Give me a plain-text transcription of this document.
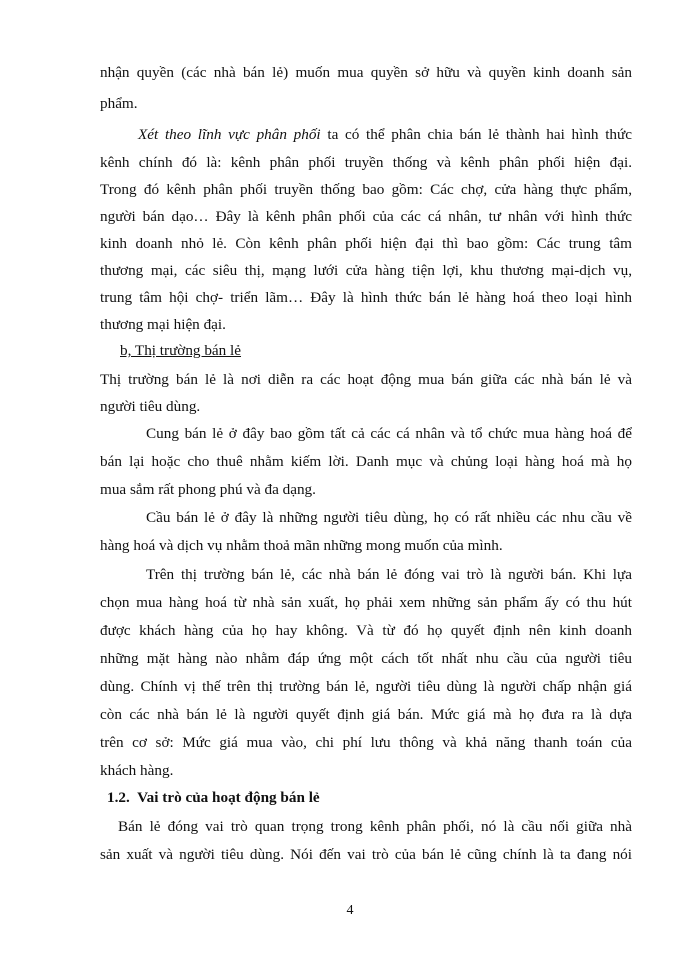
nhận quyền (các nhà bán lẻ) muốn mua quyền sở hữu và quyền kinh doanh sản
phẩm.
Xét theo lĩnh vực phân phối ta có thể phân chia bán lẻ thành hai hình thức
kênh chính đó là: kênh phân phối truyền thống và kênh phân phối hiện đại.
Trong đó kênh phân phối truyền thống bao gồm: Các chợ, cửa hàng thực phẩm,
người bán dạo… Đây là kênh phân phối của các cá nhân, tư nhân với hình thức
kinh doanh nhỏ lẻ. Còn kênh phân phối hiện đại thì bao gồm: Các trung tâm
thương mại, các siêu thị, mạng lưới cửa hàng tiện lợi, khu thương mại-dịch vụ,
trung tâm hội chợ- triển lãm… Đây là hình thức bán lẻ hàng hoá theo loại hình
thương mại hiện đại.
b, Thị trường bán lẻ
Thị trường bán lẻ là nơi diễn ra các hoạt động mua bán giữa các nhà bán lẻ và
người tiêu dùng.
Cung bán lẻ ở đây bao gồm tất cả các cá nhân và tổ chức mua hàng hoá để
bán lại hoặc cho thuê nhằm kiếm lời. Danh mục và chủng loại hàng hoá mà họ
mua sắm rất phong phú và đa dạng.
Cầu bán lẻ ở đây là những người tiêu dùng, họ có rất nhiều các nhu cầu về
hàng hoá và dịch vụ nhằm thoả mãn những mong muốn của mình.
Trên thị trường bán lẻ, các nhà bán lẻ đóng vai trò là người bán. Khi lựa
chọn mua hàng hoá từ nhà sản xuất, họ phải xem những sản phẩm ấy có thu hút
được khách hàng của họ hay không. Và từ đó họ quyết định nên kinh doanh
những mặt hàng nào nhằm đáp ứng một cách tốt nhất nhu cầu của người tiêu
dùng. Chính vị thế trên thị trường bán lẻ, người tiêu dùng là người chấp nhận giá
còn các nhà bán lẻ là người quyết định giá bán. Mức giá mà họ đưa ra là dựa
trên cơ sở: Mức giá mua vào, chi phí lưu thông và khả năng thanh toán của
khách hàng.
1.2.  Vai trò của hoạt động bán lẻ
Bán lẻ đóng vai trò quan trọng trong kênh phân phối, nó là cầu nối giữa nhà
sản xuất và người tiêu dùng. Nói đến vai trò của bán lẻ cũng chính là ta đang nói
4
